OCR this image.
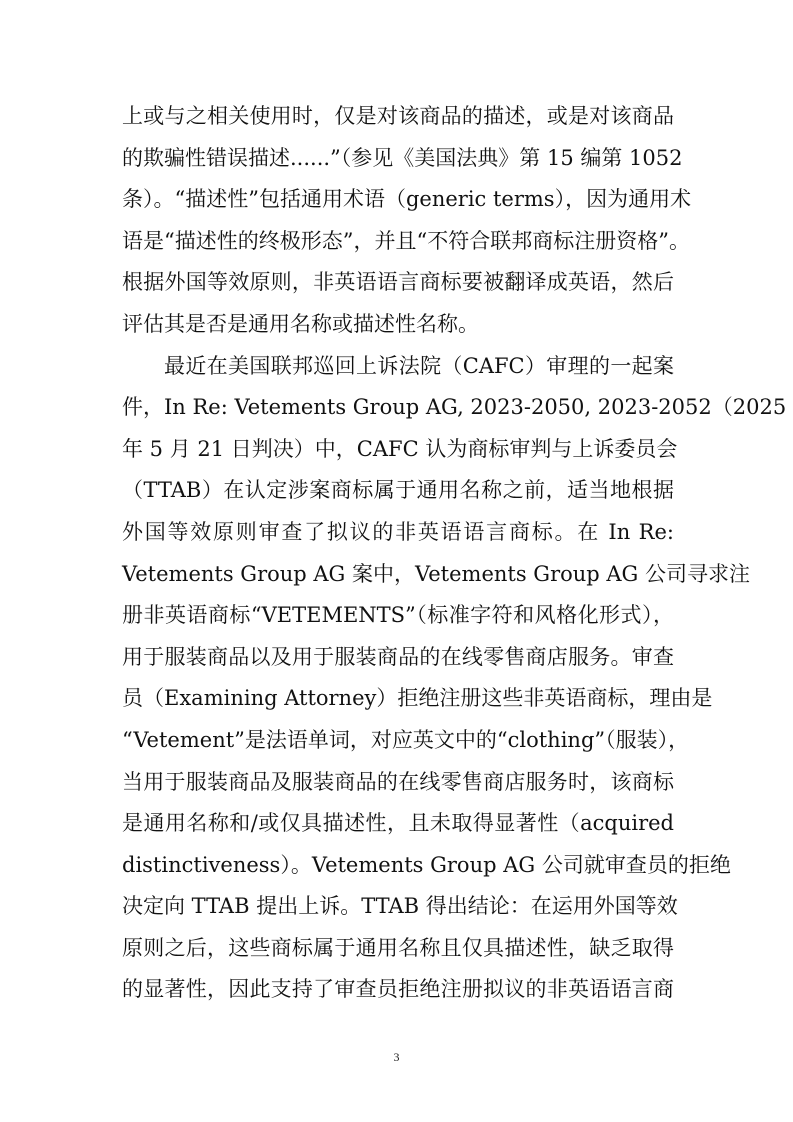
上或与之相关使用时，仅是对该商品的描述，或是对该商品
的欺骗性错误描述......”（参见《美国法典》第 15 编第 1052
条）。“描述性”包括通用术语（generic terms），因为通用术
语是“描述性的终极形态”，并且“不符合联邦商标注册资格”。
根据外国等效原则，非英语语言商标要被翻译成英语，然后
评估其是否是通用名称或描述性名称。
最近在美国联邦巡回上诉法院（CAFC）审理的一起案
件，In Re: Vetements Group AG, 2023-2050, 2023-2052（2025
年 5 月 21 日判决）中，CAFC 认为商标审判与上诉委员会
（TTAB）在认定涉案商标属于通用名称之前，适当地根据
外国等效原则审查了拟议的非英语语言商标。在 In Re:
Vetements Group AG 案中，Vetements Group AG 公司寻求注
册非英语商标“VETEMENTS”（标准字符和风格化形式），
用于服装商品以及用于服装商品的在线零售商店服务。审查
员（Examining Attorney）拒绝注册这些非英语商标，理由是
“Vetement”是法语单词，对应英文中的“clothing”（服装），
当用于服装商品及服装商品的在线零售商店服务时，该商标
是通用名称和/或仅具描述性，且未取得显著性（acquired
distinctiveness）。Vetements Group AG 公司就审查员的拒绝
决定向 TTAB 提出上诉。TTAB 得出结论：在运用外国等效
原则之后，这些商标属于通用名称且仅具描述性，缺乏取得
的显著性，因此支持了审查员拒绝注册拟议的非英语语言商
3
